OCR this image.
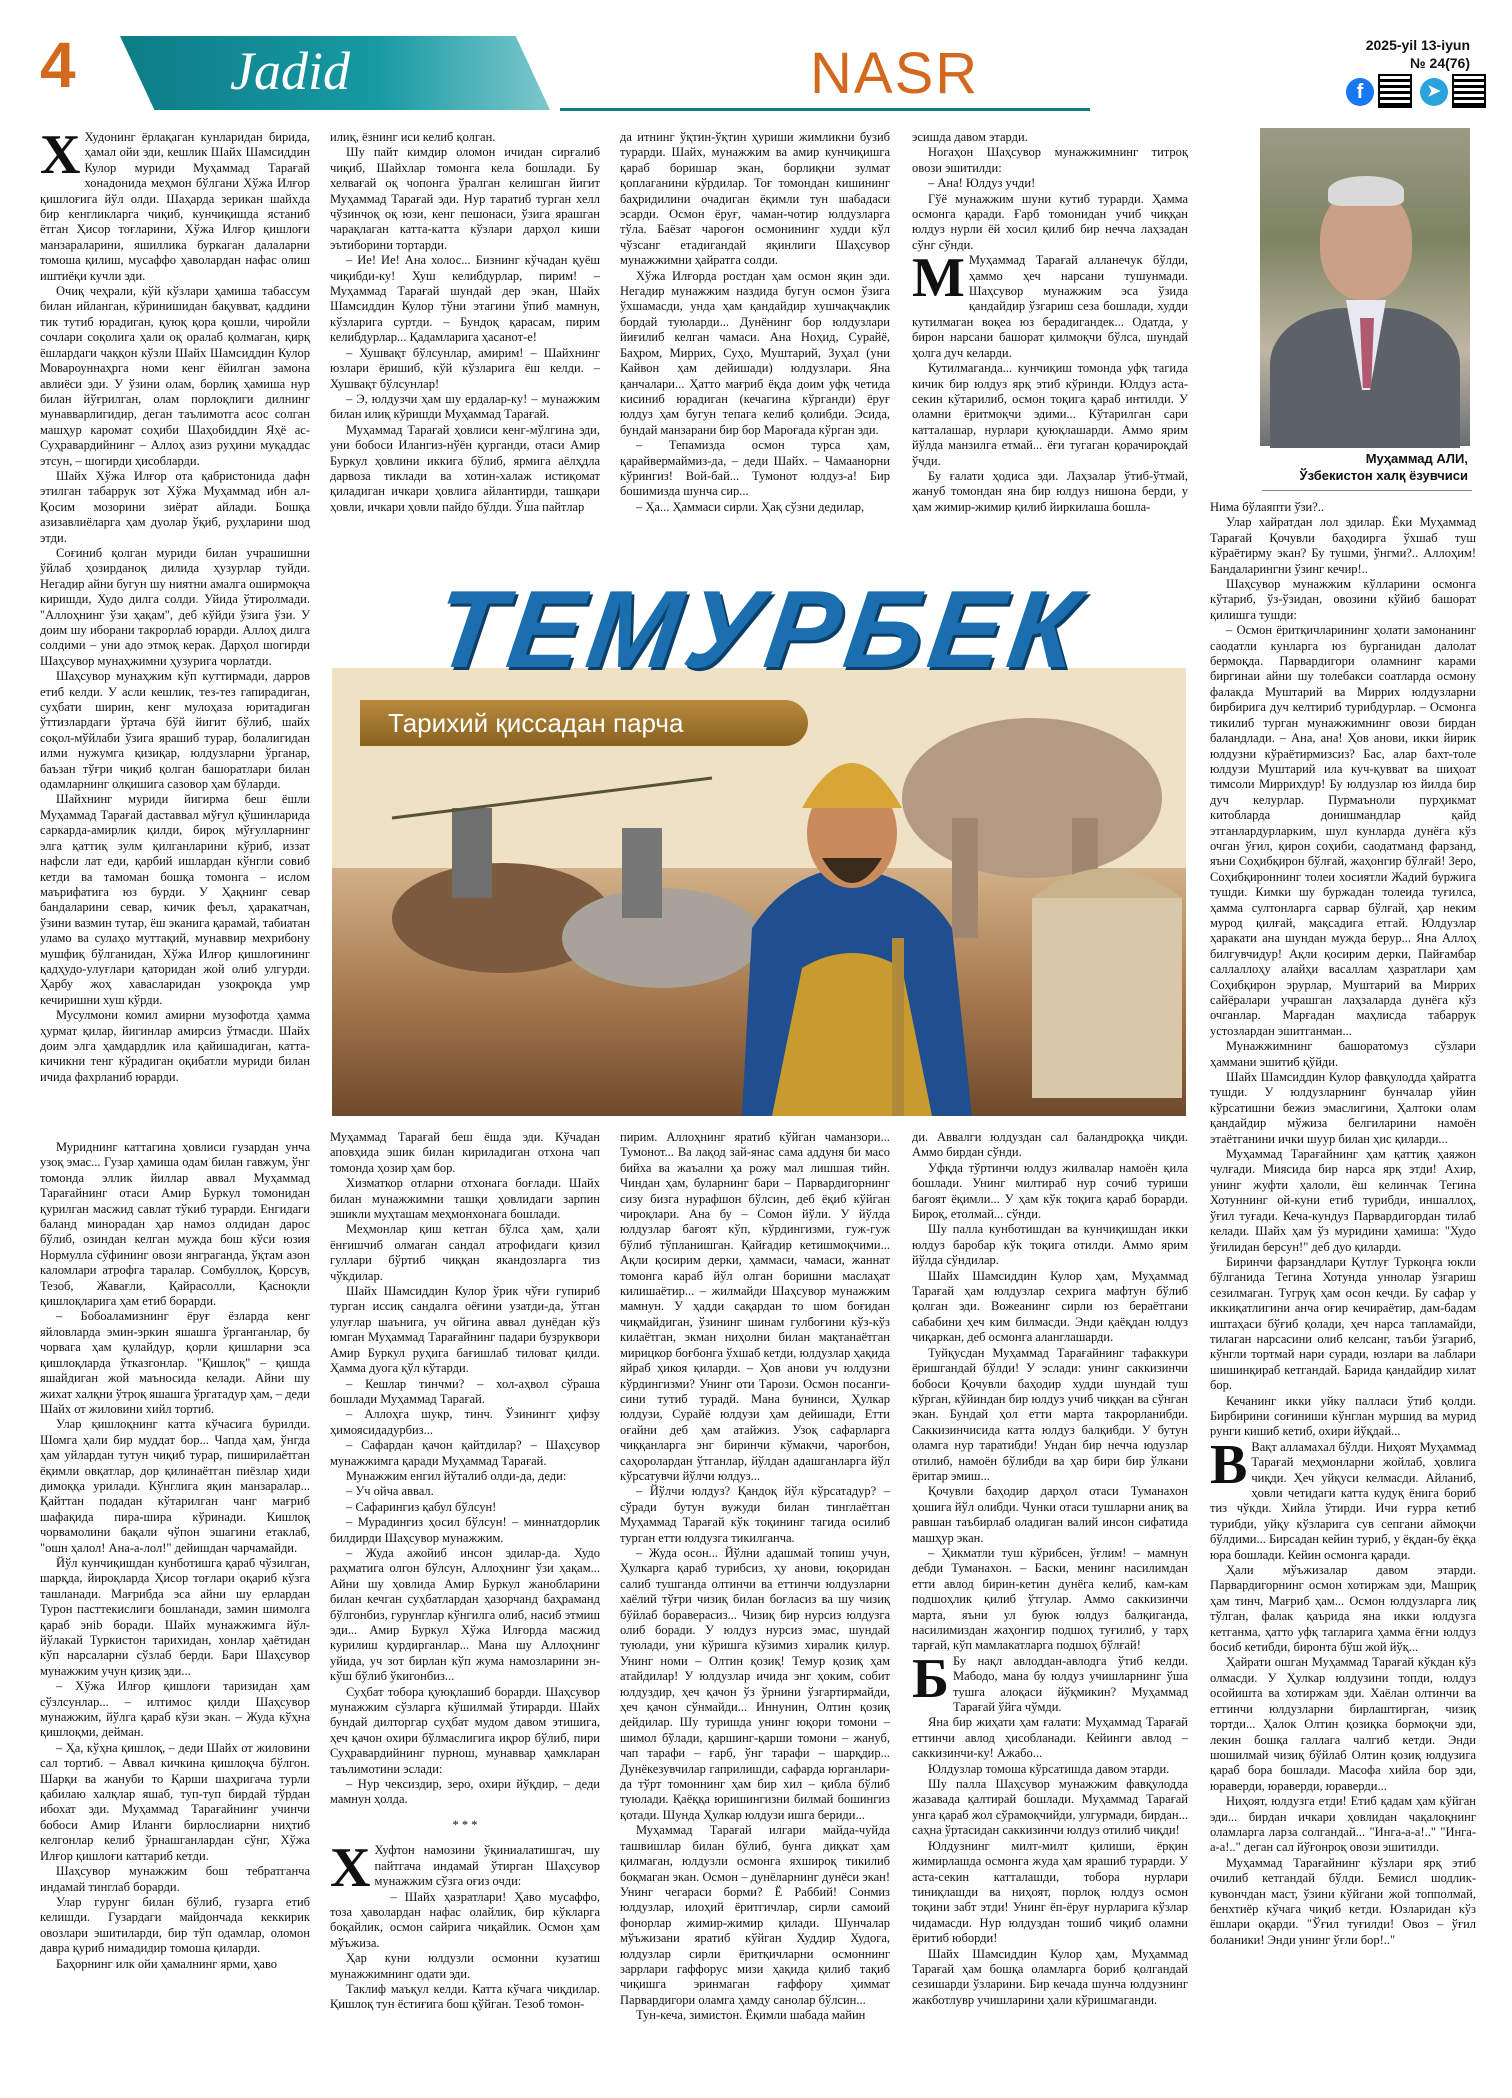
4	Jadid	NASR	2025-yil 13-iyun
№ 24(76)
f	➤

Х Худонинг ёрлақаган кунларидан бирида, ҳамал ойи эди, кешлик Шайх Шамсиддин Кулор муриди Муҳаммад Тарағай хонадонида меҳмон бўлгани Хўжа Илғор қишлоғига йўл олди. Шаҳарда зерикан шайхда бир кенгликларга чиқиб, кунчиқишда ястаниб ётган Ҳисор тоғларини, Хўжа Илғор қишлоғи манзараларини, яшиллика буркаган далаларни томоша қилиш, мусаффо ҳаволардан нафас олиш иштиёқи кучли эди.

Очиқ чеҳрали, кўй кўзлари ҳамиша табассум билан ийланган, кўринишидан бақувват, қаддини тик тутиб юрадиган, қуюқ қора қошли, чиройли сочлари соқолига ҳали оқ оралаб қолмаган, қирқ ёшлардаги чаққон кўзли Шайх Шамсиддин Кулор Мовароуннаҳрга номи кенг ёйилган замона авлиёси эди. У ўзини олам, борлиқ ҳамиша нур билан йўғрилган, олам порлоқлиги дилнинг мунавварлигидир, деган таълимотга асос солган машҳур каромат соҳиби Шаҳобиддин Яҳё ас-Суҳравардийнинг – Аллоҳ азиз руҳини муқаддас этсун, – шогирди ҳисобларди.

Шайх Хўжа Илғор ота қабристонида дафн этилган табаррук зот Хўжа Муҳаммад ибн ал-Қосим мозорини зиёрат айлади. Бошқа азизавлиёларга ҳам дуолар ўқиб, руҳларини шод этди.

Соғиниб қолган муриди билан учрашишни ўйлаб ҳозирданоқ дилида ҳузурлар туйди. Негадир айни бугун шу ниятни амалга оширмоқча киришди, Худо дилга солди. Уйида ўтиролмади. "Аллоҳнинг ўзи ҳақам", деб кўйди ўзига ўзи. У доим шу иборани такрорлаб юрарди. Аллоҳ дилга солдими – уни адо этмоқ керак. Дарҳол шогирди Шаҳсувор мунаҳжимни ҳузурига чорлатди.

Шаҳсувор мунаҳжим кўп куттирмади, дарров етиб келди. У асли кешлик, тез-тез гапирадиган, суҳбати ширин, кенг мулоҳаза юритадиган ўттизлардаги ўртача бўй йигит бўлиб, шайх соқол-мўйлаби ўзига ярашиб турар, болалигидан илми нужумга қизиқар, юлдузларни ўрганар, баъзан тўғри чиқиб қолган башоратлари билан одамларнинг олқишига сазовор ҳам бўларди.

Шайхнинг муриди йигирма беш ёшли Муҳаммад Тарағай даставвал мўғул қўшинларида саркарда-амирлик қилди, бироқ мўғулларнинг элга қаттиқ зулм қилганларини кўриб, иззат нафсли лат еди, қарбий ишлардан кўнгли совиб кетди ва тамоман бошқа томонга – ислом маърифатига юз бурди. У Ҳақнинг севар бандаларини севар, кичик феъл, ҳаракатчан, ўзини вазмин тутар, ёш эканига қарамай, табиатан уламо ва сулаҳо муттақий, мунаввир мехрибону мушфиқ бўлганидан, Хўжа Илғор қишлоғининг қадҳудо-улуғлари қаторидан жой олиб улгурди. Ҳарбу жоҳ хавасларидан узоқроқда умр кечиришни хуш кўрди.

Мусулмони комил амирни музофотда ҳамма ҳурмат қилар, йигинлар амирсиз ўтмасди. Шайх доим элга ҳамдардлик ила қайишадиган, катта-кичикни тенг кўрадиган оқибатли муриди билан ичида фахрланиб юрарди.

илиқ, ёзнинг иси келиб қолган.

Шу пайт кимдир оломон ичидан сирғалиб чиқиб, Шайхлар томонга кела бошлади. Бу хелвағай оқ чопонга ўралган келишган йигит Муҳаммад Тарағай эди. Нур таратиб турган хелл чўзинчоқ оқ юзи, кенг пешонаси, ўзига ярашган чарақлаган катта-катта кўзлари дарҳол киши эътиборини тортарди.

– Ие! Ие! Ана холос... Бизнинг кўчадан қуёш чиқибди-ку! Хуш келибдурлар, пирим! – Муҳаммад Тарағай шундай дер экан, Шайх Шамсиддин Кулор тўни этагини ўпиб мамнун, кўзларига суртди. – Бундоқ қарасам, пирим келибдурлар... Қадамларига ҳасанот-е!

– Хушвақт бўлсунлар, амирим! – Шайхнинг юзлари ёришиб, кўй кўзларига ёш келди. – Хушвақт бўлсунлар!

– Э, юлдузчи ҳам шу ердалар-ку! – мунажжим билан илиқ кўришди Муҳаммад Тарағай.

Муҳаммад Тарағай ҳовлиси кенг-мўлгина эди, уни бобоси Илангиз-нўён қурганди, отаси Амир Буркул ҳовлини иккига бўлиб, ярмига аёлҳдла дарвоза тиклади ва хотин-халаж истиқомат қиладиган ичкари ҳовлига айлантирди, ташқари ҳовли, ичкари ҳовли пайдо бўлди. Ўша пайтлар

да итнинг ўқтин-ўқтин ҳуриши жимликни бузиб турарди. Шайх, мунажжим ва амир кунчиқишга қараб боришар экан, борлиқни зулмат қоплаганини кўрдилар. Тоғ томондан кишининг баҳридилини очадиган ёқимли тун шабадаси эсарди. Осмон ёруғ, чаман-чотир юлдузларга тўла. Баёзат чароғон осмонининг худди кўл чўзсанг етадигандай яқинлиги Шаҳсувор мунажжимни ҳайратга солди.

Хўжа Илғорда ростдан ҳам осмон яқин эди. Негадир мунажжим наздида бугун осмон ўзига ўхшамасди, унда ҳам қандайдир хушчақчақлик бордай туюларди... Дунёнинг бор юлдузлари йиғилиб келган чамаси. Ана Ноҳид, Сурайё, Баҳром, Миррих, Суҳо, Муштарий, Зуҳал (уни Кайвон ҳам дейишади) юлдузлари. Яна қанчалари... Ҳатто мағриб ёқда доим уфқ четида кисиниб юрадиган (кечагина кўрганди) ёруғ юлдуз ҳам бугун тепага келиб қолибди. Эсида, бундай манзарани бир бор Мароғада кўрган эди.

– Тепамизда осмон турса ҳам, қарайвермаймиз-да, – деди Шайх. – Чамаанорни кўрингиз! Вой-бай... Тумонот юлдуз-а! Бир бошимизда шунча сир...

– Ҳа... Ҳаммаси сирли. Ҳақ сўзни дедилар,

эсишда давом этарди.

Ногаҳон Шаҳсувор мунажжимнинг титроқ овози эшитилди:

– Ана! Юлдуз учди!

Гўё мунажжим шуни кутиб турарди. Ҳамма осмонга қаради. Ғарб томонидан учиб чиққан юлдуз нурли ёй хосил қилиб бир нечча лаҳзадан сўнг сўнди.

М Муҳаммад Тарағай алланечук бўлди, ҳаммо ҳеч нарсани тушунмади. Шаҳсувор мунажжим эса ўзида қандайдир ўзгариш сеза бошлади, худди кутилмаган воқеа юз берадигандек... Одатда, у бирон нарсани башорат қилмоқчи бўлса, шундай ҳолга дуч келарди.

Кутилмаганда... кунчиқиш томонда уфқ тагида кичик бир юлдуз ярқ этиб кўринди. Юлдуз аста-секин кўтарилиб, осмон тоқига қараб интилди. У оламни ёритмоқчи эдими... Кўтарилган сари катталашар, нурлари қуюқлашарди. Аммо ярим йўлда манзилга етмай... ёғи тугаган қорачироқдай ўчди.

Бу ғалати ҳодиса эди. Лаҳзалар ўтиб-ўтмай, жануб томондан яна бир юлдуз нишона берди, у ҳам жимир-жимир қилиб йиркилаша бошла-

Муҳаммад АЛИ,
Ўзбекистон халқ ёзувчиси

Нима бўлаяпти ўзи?..

Улар хайратдан лол эдилар. Ёки Муҳаммад Тарағай Қочувли баҳодирга ўхшаб туш кўраётирму экан? Бу тушми, ўнгми?.. Аллоҳим! Бандаларингни ўзинг кечир!..

Шаҳсувор мунажжим кўлларини осмонга кўтариб, ўз-ўзидан, овозини кўйиб башорат қилишга тушди:

– Осмон ёритқичларининг ҳолати замонанинг саодатли кунларга юз бурганидан далолат бермоқда. Парвардигори оламнинг карами биргинаи айни шу толебакси соатларда осмону фалакда Муштарий ва Миррих юлдузларни бирбирига дуч келтириб турибдурлар. – Осмонга тикилиб турган мунажжимнинг овози бирдан баландлади. – Ана, ана! Ҳов анови, икки йирик юлдузни кўраётирмизсиз? Бас, алар бахт-толе юлдузи Муштарий ила куч-қувват ва шиҳоат тимсоли Миррихдур! Бу юлдузлар юз йилда бир дуч келурлар. Пурмаъноли пурҳикмат китобларда донишмандлар қайд этганлардурларким, шул кунларда дунёга кўз очган ўғил, қирон соҳиби, саодатманд фарзанд, яъни Соҳибқирон бўлғай, жаҳонгир бўлғай! Зеро, Соҳибқироннинг толеи хосиятли Жадий буржига тушди. Кимки шу буржадан толеида туғилса, ҳамма султонларга сарвар бўлғай, ҳар неким мурод қилғай, мақсадига етгай. Юлдузлар ҳаракати ана шундан мужда берур... Яна Аллоҳ билгувчидур! Ақли қосирим дерки, Пайғамбар саллаллоҳу алайҳи васаллам ҳазратлари ҳам Соҳибқирон эрурлар, Муштарий ва Миррих сайёралари учрашган лаҳзаларда дунёга кўз очганлар. Марғадан маҳлисда табаррук устозлардан эшитганман...

Мунажжимнинг башоратомуз сўзлари ҳаммани эшитиб қўйди.

Шайх Шамсиддин Кулор фавқулодда ҳайратга тушди. У юлдузларнинг бунчалар уйин кўрсатишни бежиз эмаслигини, Ҳалтоки олам қандайдир мўжиза белгиларини намоён этаётганини ички шуур билан ҳис қиларди...

Муҳаммад Тарағайнинг ҳам қаттиқ ҳаяжон чулғади. Миясида бир нарса ярқ этди! Ахир, унинг жуфти ҳалоли, ёш келинчак Тегина Хотуннинг ой-куни етиб турибди, иншаллоҳ, ўғил туғади. Кеча-кундуз Парвардигордан тилаб келади. Шайх ҳам ўз муридини ҳамиша: "Худо ўғилидан берсун!" деб дуо қиларди.

Биринчи фарзандлари Қутлуғ Туркоңга юкли бўлганида Тегина Хотунда уннолар ўзгариш сезилмаган. Тугруқ ҳам осон кечди. Бу сафар у иккиқатлигини анча оғир кечираётир, дам-бадам иштаҳаси бўғиб қолади, ҳеч нарса тапламайди, тилаган нарсасини олиб келсанг, таъби ўзгариб, кўнгли тортмай нари суради, юзлари ва лаблари шишинқираб кетгандай. Барида қандайдир хилат бор.

Кечанинг икки уйку паллаcи ўтиб қолди. Бирбирини соғиниши кўнглан муршид ва мурид рунги кишиб кетиб, охири йўқдай...

В Вақт алламахал бўлди. Ниҳоят Муҳаммад Тарағай меҳмонларни жойлаб, ҳовлига чиқди. Ҳеч уйқуси келмасди. Айланиб, ҳовли четидаги катта кудуқ ёнига бориб тиз чўкди. Хийла ўтирди. Ичи ғурра кетиб турибди, уйқу кўзларига сув сепгани аймоқчи бўлдими... Бирсадан кейин туриб, у ёқдан-бу ёққа юра бошлади. Кейин осмонга қаради.

Ҳали мўъжизалар давом этарди. Парвардигорнинг осмон хотиржам эди, Машриқ ҳам тинч, Мағриб ҳам... Осмон юлдузларга лиқ тўлган, фалак қаърида яна икки юлдузга кетганма, ҳатто уфқ тагларига ҳамма ёғни юлдуз босиб кетибди, биронта бўш жой йўқ...

Ҳайрати ошган Муҳаммад Тарағай кўкдан кўз олмасди. У Ҳулкар юлдузини топди, юлдуз осойишта ва хотиржам эди. Хаёлан олтинчи ва еттинчи юлдузларни бирлаштирган, чизиқ тортди... Ҳалок Олтин қозиқка бормоқчи эди, лекин бошқа галлага чалгиб кетди. Энди шошилмай чизиқ бўйлаб Олтин қозиқ юлдузига қараб бора бошлади. Масофа хийла бор эди, юраверди, юраверди, юраверди...

Ниҳоят, юлдузга етди! Етиб қадам ҳам кўйган эди... бирдан ичкари ҳовлидан чақалоқнинг оламларга ларза солгандай... "Инга-а-а!.." "Инга-а-а!.." деган сал йўғонроқ овози эшитилди.

Муҳаммад Тарағайнинг кўзлари ярқ этиб очилиб кетгандай бўлди. Бемисл шодлик-кувончдан маст, ўзини кўйгани жой топполмай, бенхтиёр кўчага чиқиб кетди. Юзларидан кўз ёшлари оқарди. "Ўғил туғилди! Овоз – ўғил боланики! Энди унинг ўғли бор!.."

ТЕМУРБЕК
Тарихий қиссадан парча

Муҳаммад Тарағай беш ёшда эди. Кўчадан аповҳида эшик билан кириладиган отхона чап томонда ҳозир ҳам бор.

Хизматкор отларни отхонага боғлади. Шайх билан мунажжимни ташқи ҳовлидаги зарпин эшикли муҳташам меҳмонхонага бошлади.

Меҳмонлар қиш кетган бўлса ҳам, ҳали ёнғишчиб олмаган сандал атрофидаги қизил гуллари бўртиб чиққан якандозларга тиз чўкдилар.

Шайх Шамсиддин Кулор ўрик чўғи гупириб турган иссиқ сандалга оёғини узатди-да, ўтган улуғлар шаънига, уч ойгина аввал дунёдан кўз юмган Муҳаммад Тарағайнинг падари бузруквори Амир Буркул руҳига бағишлаб тиловат қилди. Ҳамма дуога қўл кўтарди.

– Кешлар тинчми? – хол-аҳвол сўраша бошлади Муҳаммад Тарағай.

– Аллоҳга шукр, тинч. Ўзинингг ҳифзу ҳимоясидадурбиз...

– Сафардан қачон қайтдилар? – Шаҳсувор мунажжимга қаради Муҳаммад Тарағай.

Мунажжим енгил йўталиб олди-да, деди:

– Уч ойча аввал.

– Сафарингиз қабул бўлсун!

– Мурадингиз ҳосил бўлсун! – миннатдорлик билдирди Шаҳсувор мунажжим.

– Жуда ажойиб инсон эдилар-да. Худо раҳматига олгон бўлсун, Аллоҳнинг ўзи ҳақам... Айни шу ҳовлида Амир Буркул жанобларини билан кечган суҳбатлардан ҳазорчанд баҳраманд бўлгонбиз, гурунглар кўнгилга олиб, насиб этмиш эди... Амир Буркул Хўжа Илғорда масжид курилиш қурдирганлар... Мана шу Аллоҳнинг уйида, уч зот бирлан кўп жума намозларини эн-кўш бўлиб ўкигонбиз...

Суҳбат тобора қуюқлашиб борарди. Шаҳсувор мунажжим сўзларга кўшилмай ўтирарди. Шайх бундай дилторгар суҳбат мудом давом этишига, ҳеч қачон охири бўлмаслигига иқрор бўлиб, пири Суҳравардийнинг пурнош, мунаввар ҳамкларан таълимотини эслади:

– Нур чексиздир, зеро, охири йўқдир, – деди мамнун ҳолда.

* * *

Х Хуфтон намозини ўқиниалатишгач, шу пайтгача индамай ўтирган Шаҳсувор мунажжим сўзга оғиз очди:

– Шайх ҳазратлари! Ҳаво мусаффо, тоза ҳаволардан нафас олайлик, бир кўкларга боқайлик, осмон сайрига чиқайлик. Осмон ҳам мўъжиза.

Ҳар куни юлдузли осмонни кузатиш мунажжимнинг одати эди.

Таклиф маъқул келди. Катта кўчага чиқдилар. Қишлоқ тун ёстиғига бош қўйган. Тезоб томон-

Муриднинг каттагина ҳовлиси гузардан унча узоқ эмас... Гузар ҳамиша одам билан гавжум, ўнг томонда эллик йиллар аввал Муҳаммад Тарағайнинг отаси Амир Буркул томонидан қурилган масжид савлат тўкиб турарди. Енгидаги баланд минорадан ҳар намоз олдидан дарос бўлиб, озиндан келган мужда бош кўси юзия Нормулла сўфининг овози янграганда, ўқтам азон каломлари атрофга таралар. Сомбуллоқ, Қорсув, Тезоб, Жавағли, Қайрасолли, Қасноқли қишлоқларига ҳам етиб борарди.

– Бобоаламизнинг ёруғ ёзларда кенг яйловларда эмин-эркин яшашга ўрганганлар, бу чорвага ҳам қулайдур, қорли қишларни эса қишлоқларда ўтказгонлар. "Қишлоқ" – қишда яшайдиган жой маъносида келади. Айни шу жихат халқни ўтроқ яшашга ўргатадур ҳам, – деди Шайх от жиловини хийл тортиб.

Улар қишлоқнинг катта кўчасига бурилди. Шомга ҳали бир муддат бор... Чапда ҳам, ўнгда ҳам уйлардан тутун чиқиб турар, пиширилаётган ёқимли овқатлар, дор қилинаётган пиёзлар ҳиди димоққа урилади. Кўнглига яқин манзаралар... Қайттан подадан кўтарилган чанг мағриб шафақида пира-шира кўринади. Кишлоқ чорвамолини бақали чўпон эшагини етаклаб, "ошн ҳалол! Ана-а-лол!" дейишдан чарчамайди.

Йўл кунчиқишдан кунботишга қараб чўзилган, шарқда, йироқларда Ҳисор тоғлари оқариб кўзга ташланади. Мағрибда эса айни шу ерлардан Турон пасттекислиги бошланади, замин шимолга қараб энib боради. Шайх мунажжимга йўл-йўлакай Туркистон тарихидан, хонлар ҳаётидан кўп нарсаларни сўзлаб берди. Бари Шаҳсувор мунажжим учун қизиқ эди...

– Хўжа Илғор қишлоғи таризидан ҳам сўзлсунлар... – илтимос қилди Шаҳсувор мунажжим, йўлга қараб кўзи экан. – Жуда кўҳна қишлоқми, дейман.

– Ҳа, кўҳна қишлоқ, – деди Шайх от жиловини сал тортиб. – Аввал кичкина қишлоқча бўлгон. Шарқи ва жануби то Қарши шаҳригача турли қабилаю халқлар яшаб, туп-туп бирдай тўрдан ибохат эди. Муҳаммад Тарағайнинг учинчи бобоси Амир Иланги бирлослиарни ниҳтиб келгонлар келиб ўрнашганлардан сўнг, Хўжа Илғор қишлоғи каттариб кетди.

Шаҳсувор мунажжим бош тебратганча индамай тинглаб борарди.

Улар гурунг билан бўлиб, гузарга етиб келишди. Гузардаги майдончада кеккирик овозлари эшитиларди, бир тўп одамлар, оломон давра қуриб нимадидир томоша қиларди.

Баҳорнинг илк ойи ҳамалнинг ярми, ҳаво

пирим. Аллоҳнинг яратиб кўйган чаманзори... Тумонот... Ва лақод зай-янас сама аддуня би масо бийха ва жаъални ҳа рожу мал лишшая тийн. Чиндан ҳам, буларнинг бари – Парвардигорнинг сизу бизга нурафшон бўлсин, деб ёқиб кўйган чироқлари. Ана бу – Сомон йўли. У йўлда юлдузлар бағоят кўп, кўрдингизми, гуж-гуж бўлиб тўпланишган. Қайғадир кетишмоқчими... Ақли қосирим дерки, ҳаммаси, чамаси, жаннат томонга караб йўл олган боришни маслаҳат килишаётир... – жилмайди Шаҳсувор мунажжим мамнун. У ҳадди сақардан то шом боғидан чиқмайдиган, ўзининг шинам гулбоғини кўз-кўз килаётган, экман ниҳолни билан мақтанаётган мирицкор боғбонга ўхшаб кетди, юлдузлар ҳақида яйраб ҳикоя қиларди. – Ҳов анови уч юлдузни кўрдингизми? Унинг оти Тарози. Осмон посанги-сини тутиб турадй. Мана бунинси, Ҳулкар юлдузи, Сурайё юлдузи ҳам дейишади, Етти оғайни деб ҳам атайжиз. Узоқ сафарларга чиққанларга энг биринчи кўмакчи, чароғбон, саҳоролардан ўтганлар, йўлдан адашганларга йўл кўрсатувчи йўлчи юлдуз...

– Йўлчи юлдуз? Қандоқ йўл кўрсатадур? – сўради бутун вужуди билан тинглаётган Муҳаммад Тарағай кўк тоқининг тагида осилиб турган етти юлдузга тикилганча.

– Жуда осон... Йўлни адашмай топиш учун, Ҳулкарга қараб турибсиз, ҳу анови, юқоридан салиб тушганда олтинчи ва еттинчи юлдузларни хаёлий тўғри чизиқ билан боғласиз ва шу чизиқ бўйлаб бораверасиз... Чизиқ бир нурсиз юлдузга олиб боради. У юлдуз нурсиз эмас, шундай туюлади, уни кўришга кўзимиз хиралик қилур. Унинг номи – Олтин қозиқ! Темур қозиқ ҳам атайдилар! У юлдузлар ичида энг ҳоким, собит юлдуздир, ҳеч қачон ўз ўрнини ўзгартирмайди, ҳеч қачон сўнмайди... Иннунин, Олтин қозиқ дейдилар. Шу туришда унинг юқори томони – шимол бўлади, қаршинг-қарши томони – жануб, чап тарафи – ғарб, ўнг тарафи – шарқдир... Дунёкезувчилар гаприлишди, сафарда юрганлари-да тўрт томоннинг ҳам бир хил – қибла бўлиб туюлади. Қаёққа юришингизни билмай бошингиз қотади. Шунда Ҳулкар юлдузи ишга бериди...

Муҳаммад Тарағай илгари майда-чуйда ташвишлар билан бўлиб, бунга диқкат ҳам қилмаган, юлдузли осмонга яхшироқ тикилиб боқмаган экан. Осмон – дунёларнинг дунёси экан! Унинг чегараси борми? Ё Раббий! Сонмиз юлдузлар, илоҳий ёритгичлар, сирли самоий фонорлар жимир-жимир қилади. Шунчалар мўъжизани яратиб кўйган Худдир Худога, юлдузлар сирли ёритқичларни осмоннинг заррлари гаффорус мизи ҳақида қилиб тақиб чиқишга эринмаган ғаффору ҳиммат Парвардигори оламга ҳамду санолар бўлсин...

Тун-кеча, зимистон. Ёқимли шабада майин

ди. Аввалги юлдуздан сал баландроққа чиқди. Аммо бирдан сўнди.

Уфқда тўртинчи юлдуз жилвалар намоён қила бошлади. Унинг милтираб нур сочиб туриши бағоят ёқимли... У ҳам кўк тоқига қараб борарди. Бироқ, етолмай... сўнди.

Шу палла кунботишдан ва кунчиқишдан икки юлдуз баробар кўк тоқига отилди. Аммо ярим йўлда сўндилар.

Шайх Шамсиддин Кулор ҳам, Муҳаммад Тарағай ҳам юлдузлар сехрига мафтун бўлиб қолган эди. Вожеанинг сирли юз бераётгани сабабини ҳеч ким билмасди. Энди қаёқдан юлдуз чиқаркан, деб осмонга аланглашарди.

Туйқусдан Муҳаммад Тарағайнинг тафаккури ёришгандай бўлди! У эслади: унинг саккизинчи бобоси Қочувли баҳодир худди шундай туш кўрган, кўйиндан бир юлдуз учиб чиққан ва сўнган экан. Бундай ҳол етти марта такрорланибди. Саккизинчисида катта юлдуз балқибди. У бутун оламга нур таратибди! Ундан бир нечча юдузлар отилиб, намоён бўлибди ва ҳар бири бир ўлкани ёритар эмиш...

Қочувли баҳодир дарҳол отаси Туманахон ҳошига йўл олибди. Чунки отаси тушларни аниқ ва равшан таъбирлаб оладиган валий инсон сифатида машҳур экан.

– Ҳикматли туш кўрибсен, ўғлим! – мамнун дебди Туманахон. – Баски, менинг насилимдан етти авлод бирин-кетин дунёга келиб, кам-кам подшоҳлик қилиб ўтгулар. Аммо саккизинчи марта, яъни ул буюк юлдуз балқиганда, насилимиздан жаҳонгир подшоҳ туғилиб, у тарҳ тарғай, кўп мамлакатларга подшоҳ бўлғай!

Б Бу нақл авлоддан-авлодга ўтиб келди. Мабодо, мана бу юлдуз учишларнинг ўша тушга алоқаси йўқмикин? Муҳаммад Тарағай ўйга чўмди.

Яна бир жиҳати ҳам ғалати: Муҳаммад Тарағай еттинчи авлод ҳисобланади. Кейинги авлод – саккизинчи-ку! Ажабо...

Юлдузлар томоша кўрсатишда давом этарди.

Шу палла Шаҳсувор мунажжим фавқулодда жазавада қалтирай бошлади. Муҳаммад Тарағай унга қараб жол сўрамоқчийди, улгурмади, бирдан... саҳна ўртасидан саккизинчи юлдуз отилиб чиқди!

Юлдузнинг милт-милт қилиши, ёрқин жимирлашда осмонга жуда ҳам ярашиб турарди. У аста-секин катталашди, тобора нурлари тиниқлашди ва ниҳоят, порлоқ юлдуз осмон тоқини забт этди! Унинг ёп-ёруғ нурларига кўзлар чидамасди. Нур юлдуздан тошиб чиқиб оламни ёритиб юборди!

Шайх Шамсиддин Кулор ҳам, Муҳаммад Тарағай ҳам бошқа оламларга бориб қолгандай сезишарди ўзларини. Бир кечада шунча юлдузнинг жакботлувр учишларини ҳали кўришмаганди.
